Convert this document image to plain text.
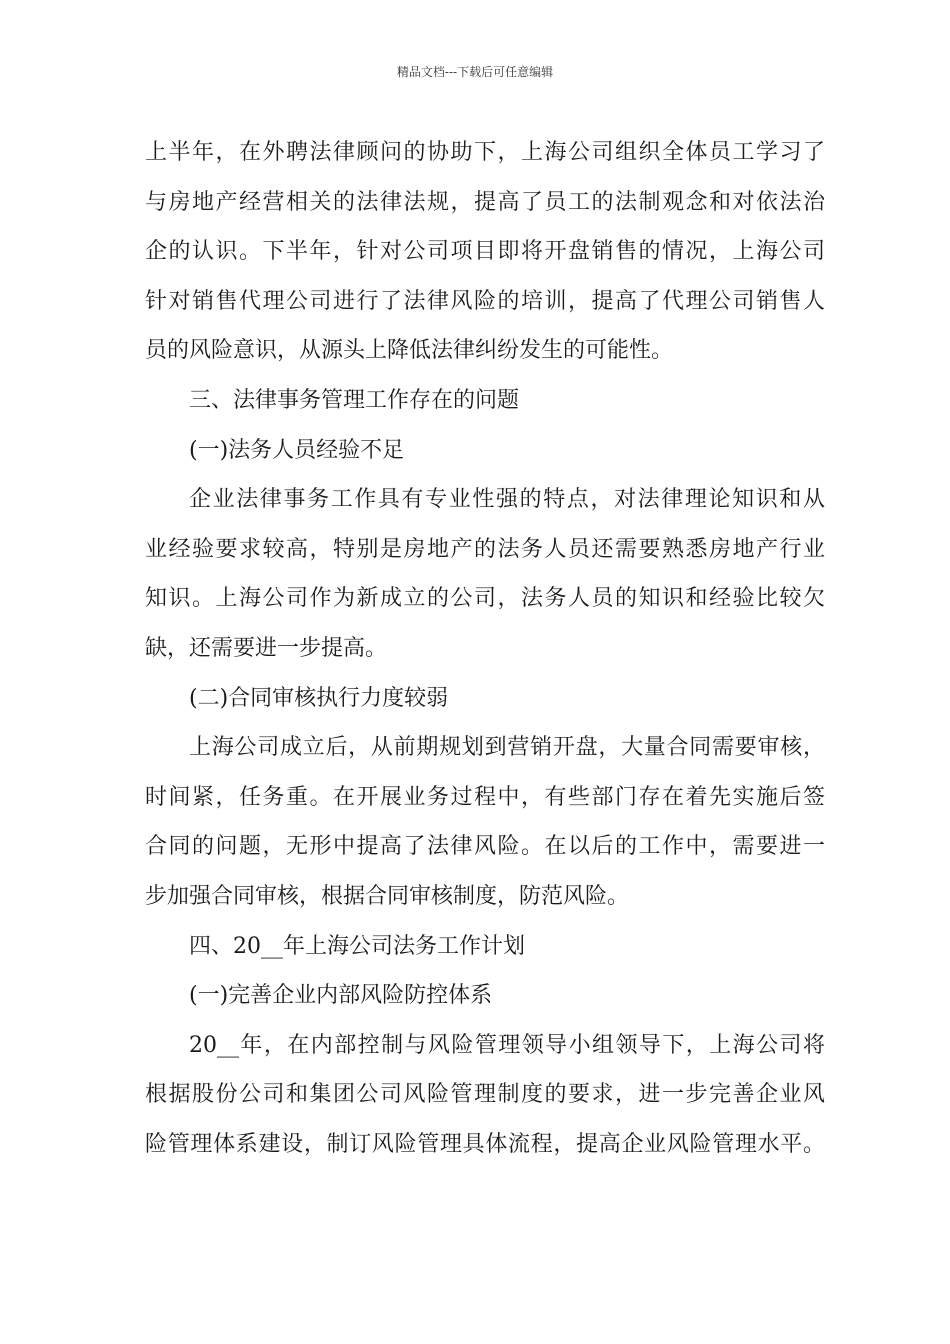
精品文档---下载后可任意编辑
上半年，在外聘法律顾问的协助下，上海公司组织全体员工学习了
与房地产经营相关的法律法规，提高了员工的法制观念和对依法治
企的认识。下半年，针对公司项目即将开盘销售的情况，上海公司
针对销售代理公司进行了法律风险的培训，提高了代理公司销售人
员的风险意识，从源头上降低法律纠纷发生的可能性。
三、法律事务管理工作存在的问题
(一)法务人员经验不足
企业法律事务工作具有专业性强的特点，对法律理论知识和从
业经验要求较高，特别是房地产的法务人员还需要熟悉房地产行业
知识。上海公司作为新成立的公司，法务人员的知识和经验比较欠
缺，还需要进一步提高。
(二)合同审核执行力度较弱
上海公司成立后，从前期规划到营销开盘，大量合同需要审核，
时间紧，任务重。在开展业务过程中，有些部门存在着先实施后签
合同的问题，无形中提高了法律风险。在以后的工作中，需要进一
步加强合同审核，根据合同审核制度，防范风险。
四、20__年上海公司法务工作计划
(一)完善企业内部风险防控体系
20__年，在内部控制与风险管理领导小组领导下，上海公司将
根据股份公司和集团公司风险管理制度的要求，进一步完善企业风
险管理体系建设，制订风险管理具体流程，提高企业风险管理水平。
